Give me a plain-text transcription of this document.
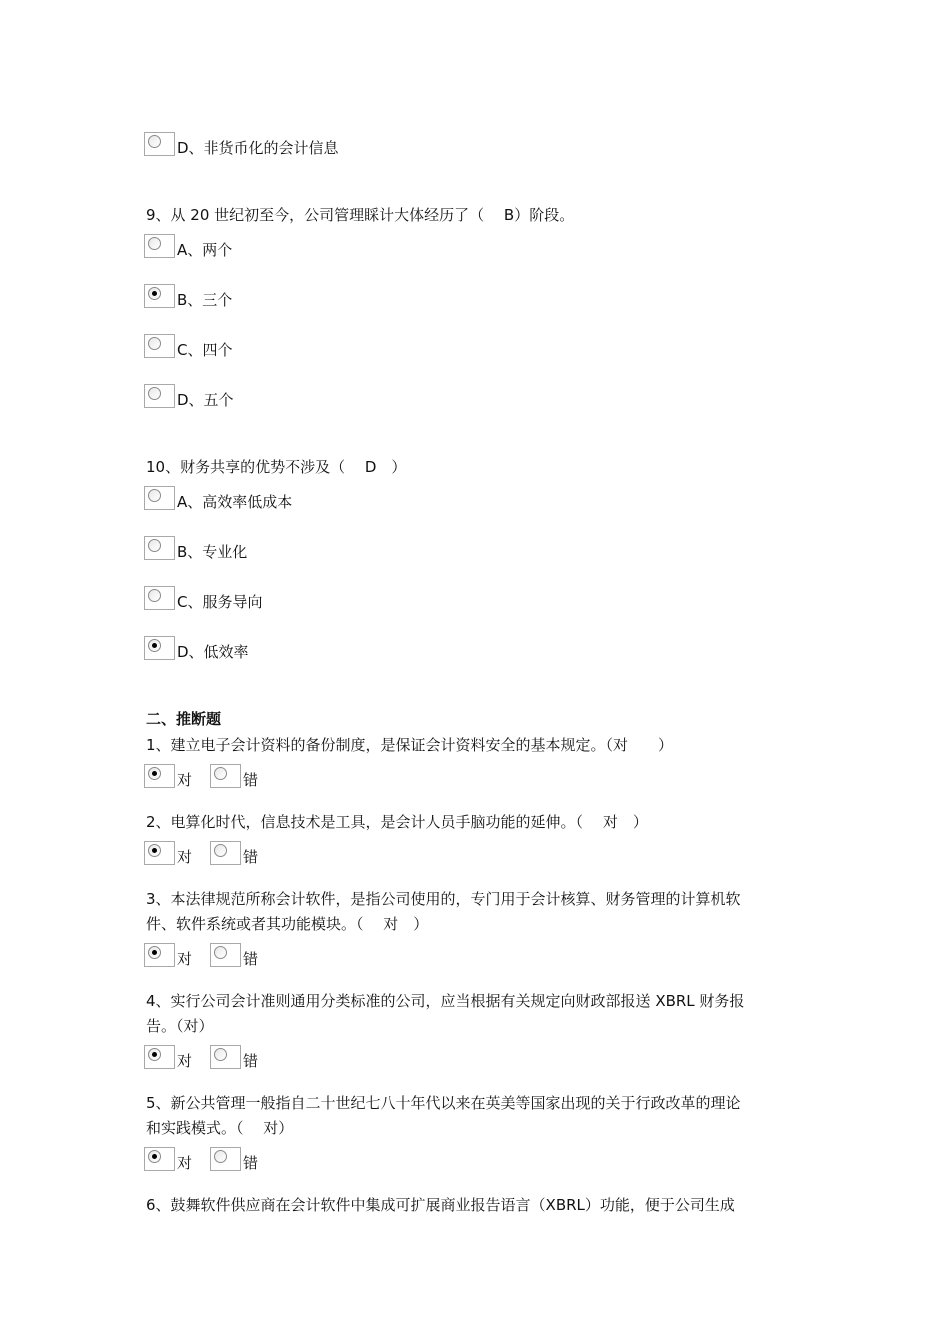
D、非货币化的会计信息
9、从 20 世纪初至今，公司管理睬计大体经历了（　 B）阶段。
A、两个
B、三个
C、四个
D、五个
10、财务共享的优势不涉及（　 D　）
A、高效率低成本
B、专业化
C、服务导向
D、低效率
二、推断题
1、建立电子会计资料的备份制度，是保证会计资料安全的基本规定。（对　　）
对	错
2、电算化时代，信息技术是工具，是会计人员手脑功能的延伸。（　 对　）
对	错
3、本法律规范所称会计软件，是指公司使用的，专门用于会计核算、财务管理的计算机软
件、软件系统或者其功能模块。（　 对　）
对	错
4、实行公司会计准则通用分类标准的公司，应当根据有关规定向财政部报送 XBRL 财务报
告。（对）
对	错
5、新公共管理一般指自二十世纪七八十年代以来在英美等国家出现的关于行政改革的理论
和实践模式。（　 对）
对	错
6、鼓舞软件供应商在会计软件中集成可扩展商业报告语言（XBRL）功能，便于公司生成
